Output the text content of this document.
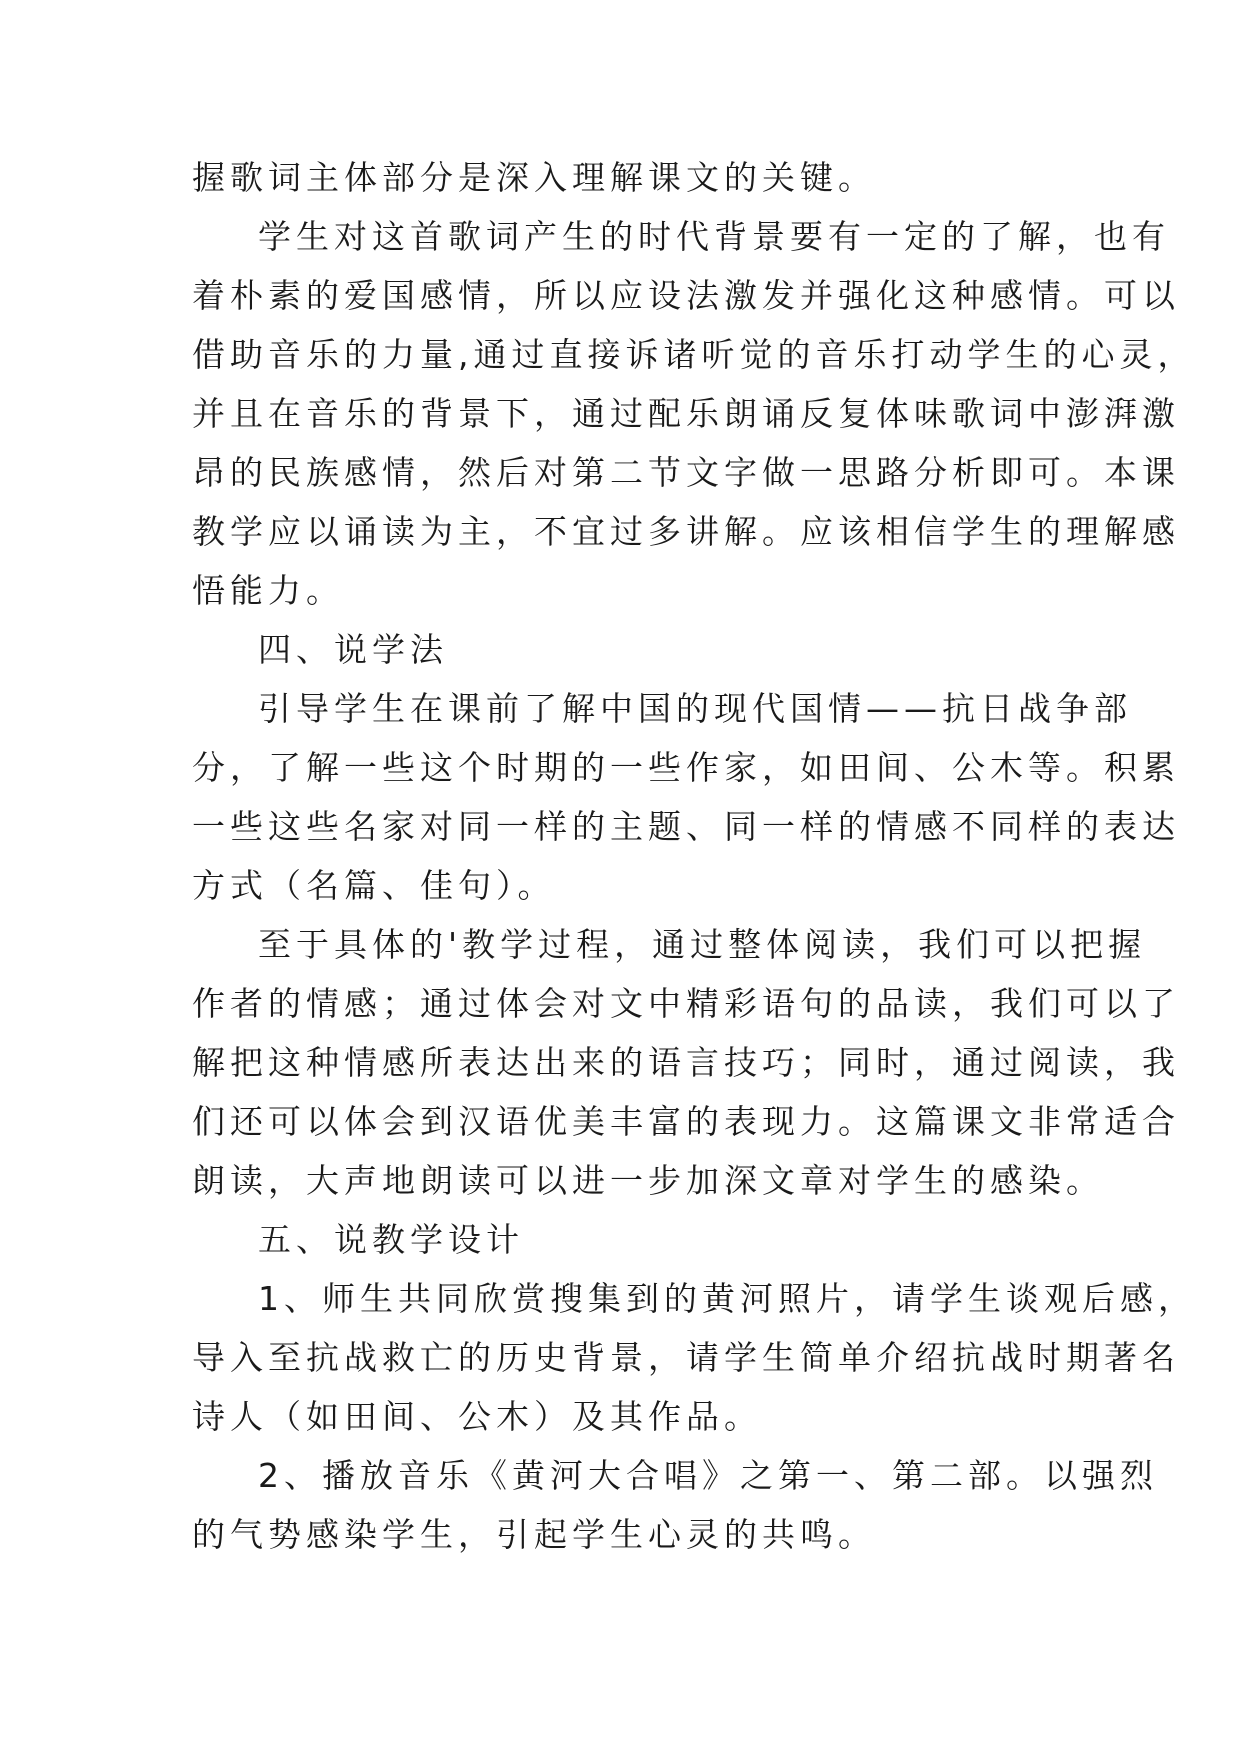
握歌词主体部分是深入理解课文的关键。
学生对这首歌词产生的时代背景要有一定的了解，也有
着朴素的爱国感情，所以应设法激发并强化这种感情。可以
借助音乐的力量,通过直接诉诸听觉的音乐打动学生的心灵，
并且在音乐的背景下，通过配乐朗诵反复体味歌词中澎湃激
昂的民族感情，然后对第二节文字做一思路分析即可。本课
教学应以诵读为主，不宜过多讲解。应该相信学生的理解感
悟能力。
四、说学法
引导学生在课前了解中国的现代国情——抗日战争部
分，了解一些这个时期的一些作家，如田间、公木等。积累
一些这些名家对同一样的主题、同一样的情感不同样的表达
方式（名篇、佳句）。
至于具体的'教学过程，通过整体阅读，我们可以把握
作者的情感；通过体会对文中精彩语句的品读，我们可以了
解把这种情感所表达出来的语言技巧；同时，通过阅读，我
们还可以体会到汉语优美丰富的表现力。这篇课文非常适合
朗读，大声地朗读可以进一步加深文章对学生的感染。
五、说教学设计
1、师生共同欣赏搜集到的黄河照片，请学生谈观后感，
导入至抗战救亡的历史背景，请学生简单介绍抗战时期著名
诗人（如田间、公木）及其作品。
2、播放音乐《黄河大合唱》之第一、第二部。以强烈
的气势感染学生，引起学生心灵的共鸣。
